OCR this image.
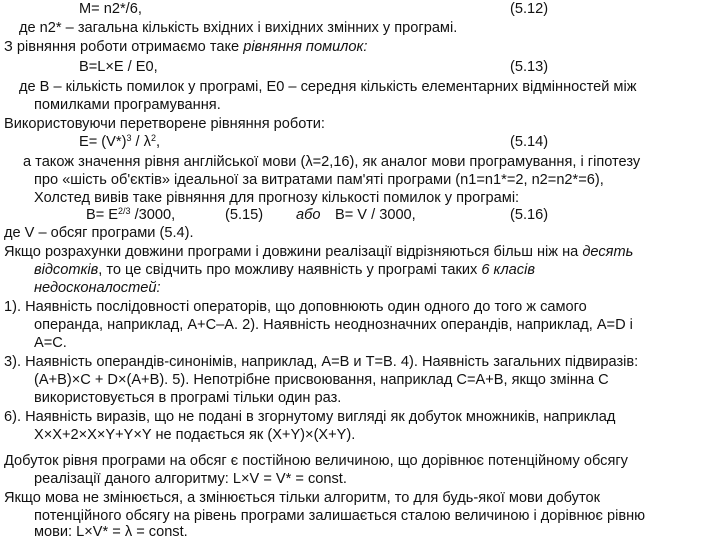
M= n2*/6,	(5.12)
де n2* – загальна кількість вхідних і вихідних змінних у програмі.
З рівняння роботи отримаємо таке рівняння помилок:
B=L×E / E0,	(5.13)
де В – кількість помилок у програмі, Е0 – середня кількість елементарних відмінностей між
помилками програмування.
Використовуючи перетворене рівняння роботи:
$E= (V*)^3 / \lambda^2$,	(5.14)
а також значення рівня англійської мови (λ=2,16), як аналог мови програмування, і гіпотезу
про «шість об'єктів» ідеальної за витратами пам'яті програми (n1=n1*=2, n2=n2*=6),
Холстед вивів таке рівняння для прогнозу кількості помилок у програмі:
$B= E^{2/3}$ /3000,	(5.15) або B= V / 3000,	(5.16)
де V – обсяг програми (5.4).
Якщо розрахунки довжини програми і довжини реалізації відрізняються більш ніж на десять
відсотків, то це свідчить про можливу наявність у програмі таких 6 класів
недосконалостей:
1). Наявність послідовності операторів, що доповнюють один одного до того ж самого
операнда, наприклад, A+C–A. 2). Наявність неоднозначних операндів, наприклад, A=D і
A=C.
3). Наявність операндів-синонімів, наприклад, А=В и Т=В. 4). Наявність загальних підвиразів:
(A+B)×C + D×(A+B). 5). Непотрібне присвоювання, наприклад С=А+В, якщо змінна С
використовується в програмі тільки один раз.
6). Наявність виразів, що не подані в згорнутому вигляді як добуток множників, наприклад
X×X+2×X×Y+Y×Y не подається як (X+Y)×(X+Y).
Добуток рівня програми на обсяг є постійною величиною, що дорівнює потенційному обсягу
реалізації даного алгоритму: L×V = V* = const.
Якщо мова не змінюється, а змінюється тільки алгоритм, то для будь-якої мови добуток
потенційного обсягу на рівень програми залишається сталою величиною і дорівнює рівню
мови: L×V* = λ = const.
